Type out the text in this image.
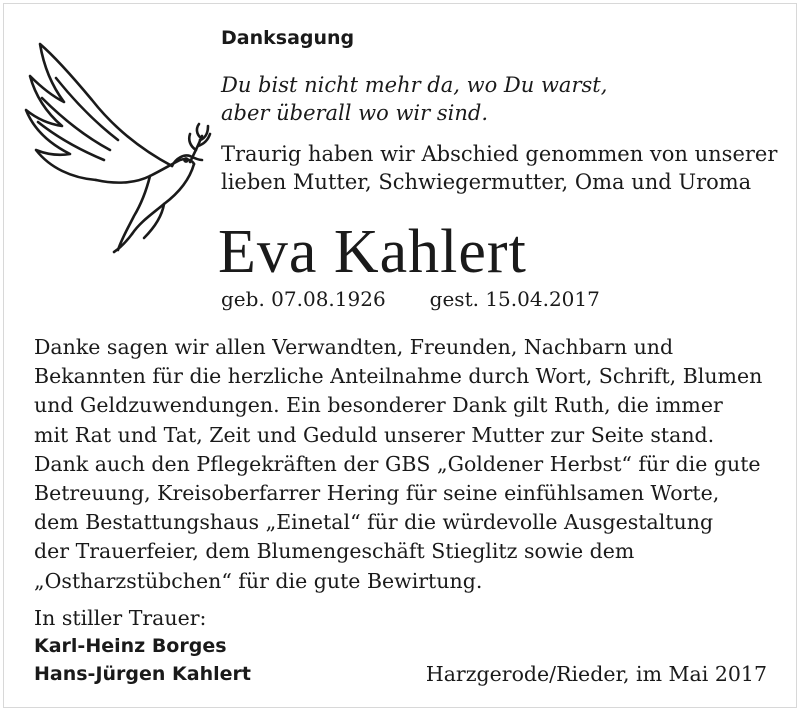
Danksagung
Du bist nicht mehr da, wo Du warst,
aber überall wo wir sind.
Traurig haben wir Abschied genommen von unserer
lieben Mutter, Schwiegermutter, Oma und Uroma
Eva Kahlert
geb. 07.08.1926 gest. 15.04.2017
Danke sagen wir allen Verwandten, Freunden, Nachbarn und
Bekannten für die herzliche Anteilnahme durch Wort, Schrift, Blumen
und Geldzuwendungen. Ein besonderer Dank gilt Ruth, die immer
mit Rat und Tat, Zeit und Geduld unserer Mutter zur Seite stand.
Dank auch den Pflegekräften der GBS „Goldener Herbst“ für die gute
Betreuung, Kreisoberfarrer Hering für seine einfühlsamen Worte,
dem Bestattungshaus „Einetal“ für die würdevolle Ausgestaltung
der Trauerfeier, dem Blumengeschäft Stieglitz sowie dem
„Ostharzstübchen“ für die gute Bewirtung.
In stiller Trauer:
Karl-Heinz Borges
Hans-Jürgen Kahlert	Harzgerode/Rieder, im Mai 2017
